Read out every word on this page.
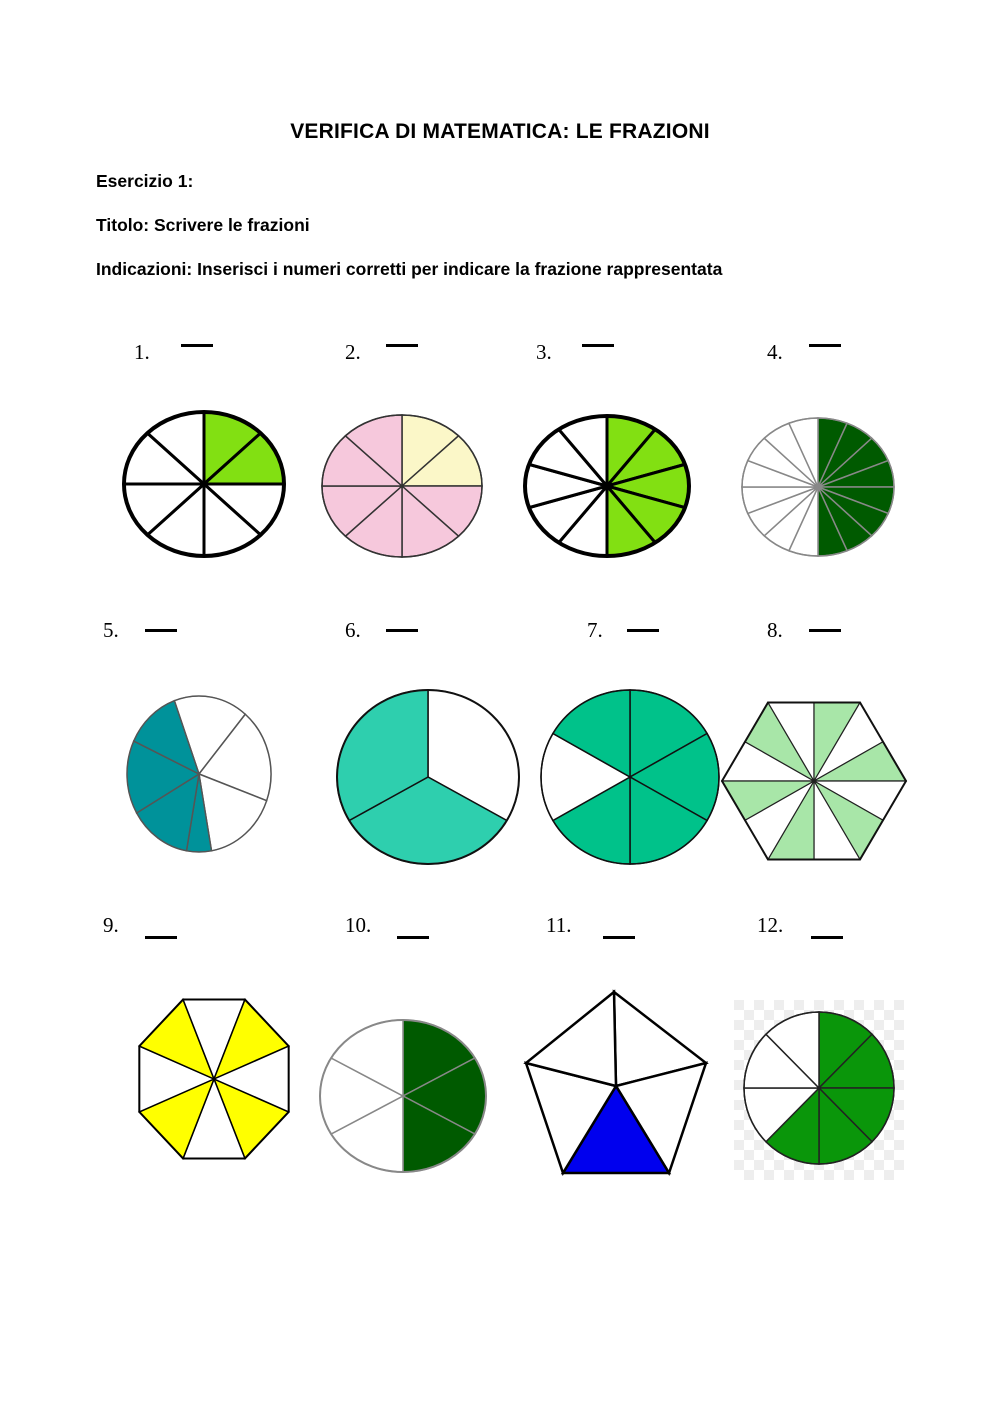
VERIFICA DI MATEMATICA: LE FRAZIONI
Esercizio 1:
Titolo: Scrivere le frazioni
Indicazioni: Inserisci i numeri corretti per indicare la frazione rappresentata
1.	2.	3.	4.
5.	6.	7.	8.
9.	10.	11.	12.
